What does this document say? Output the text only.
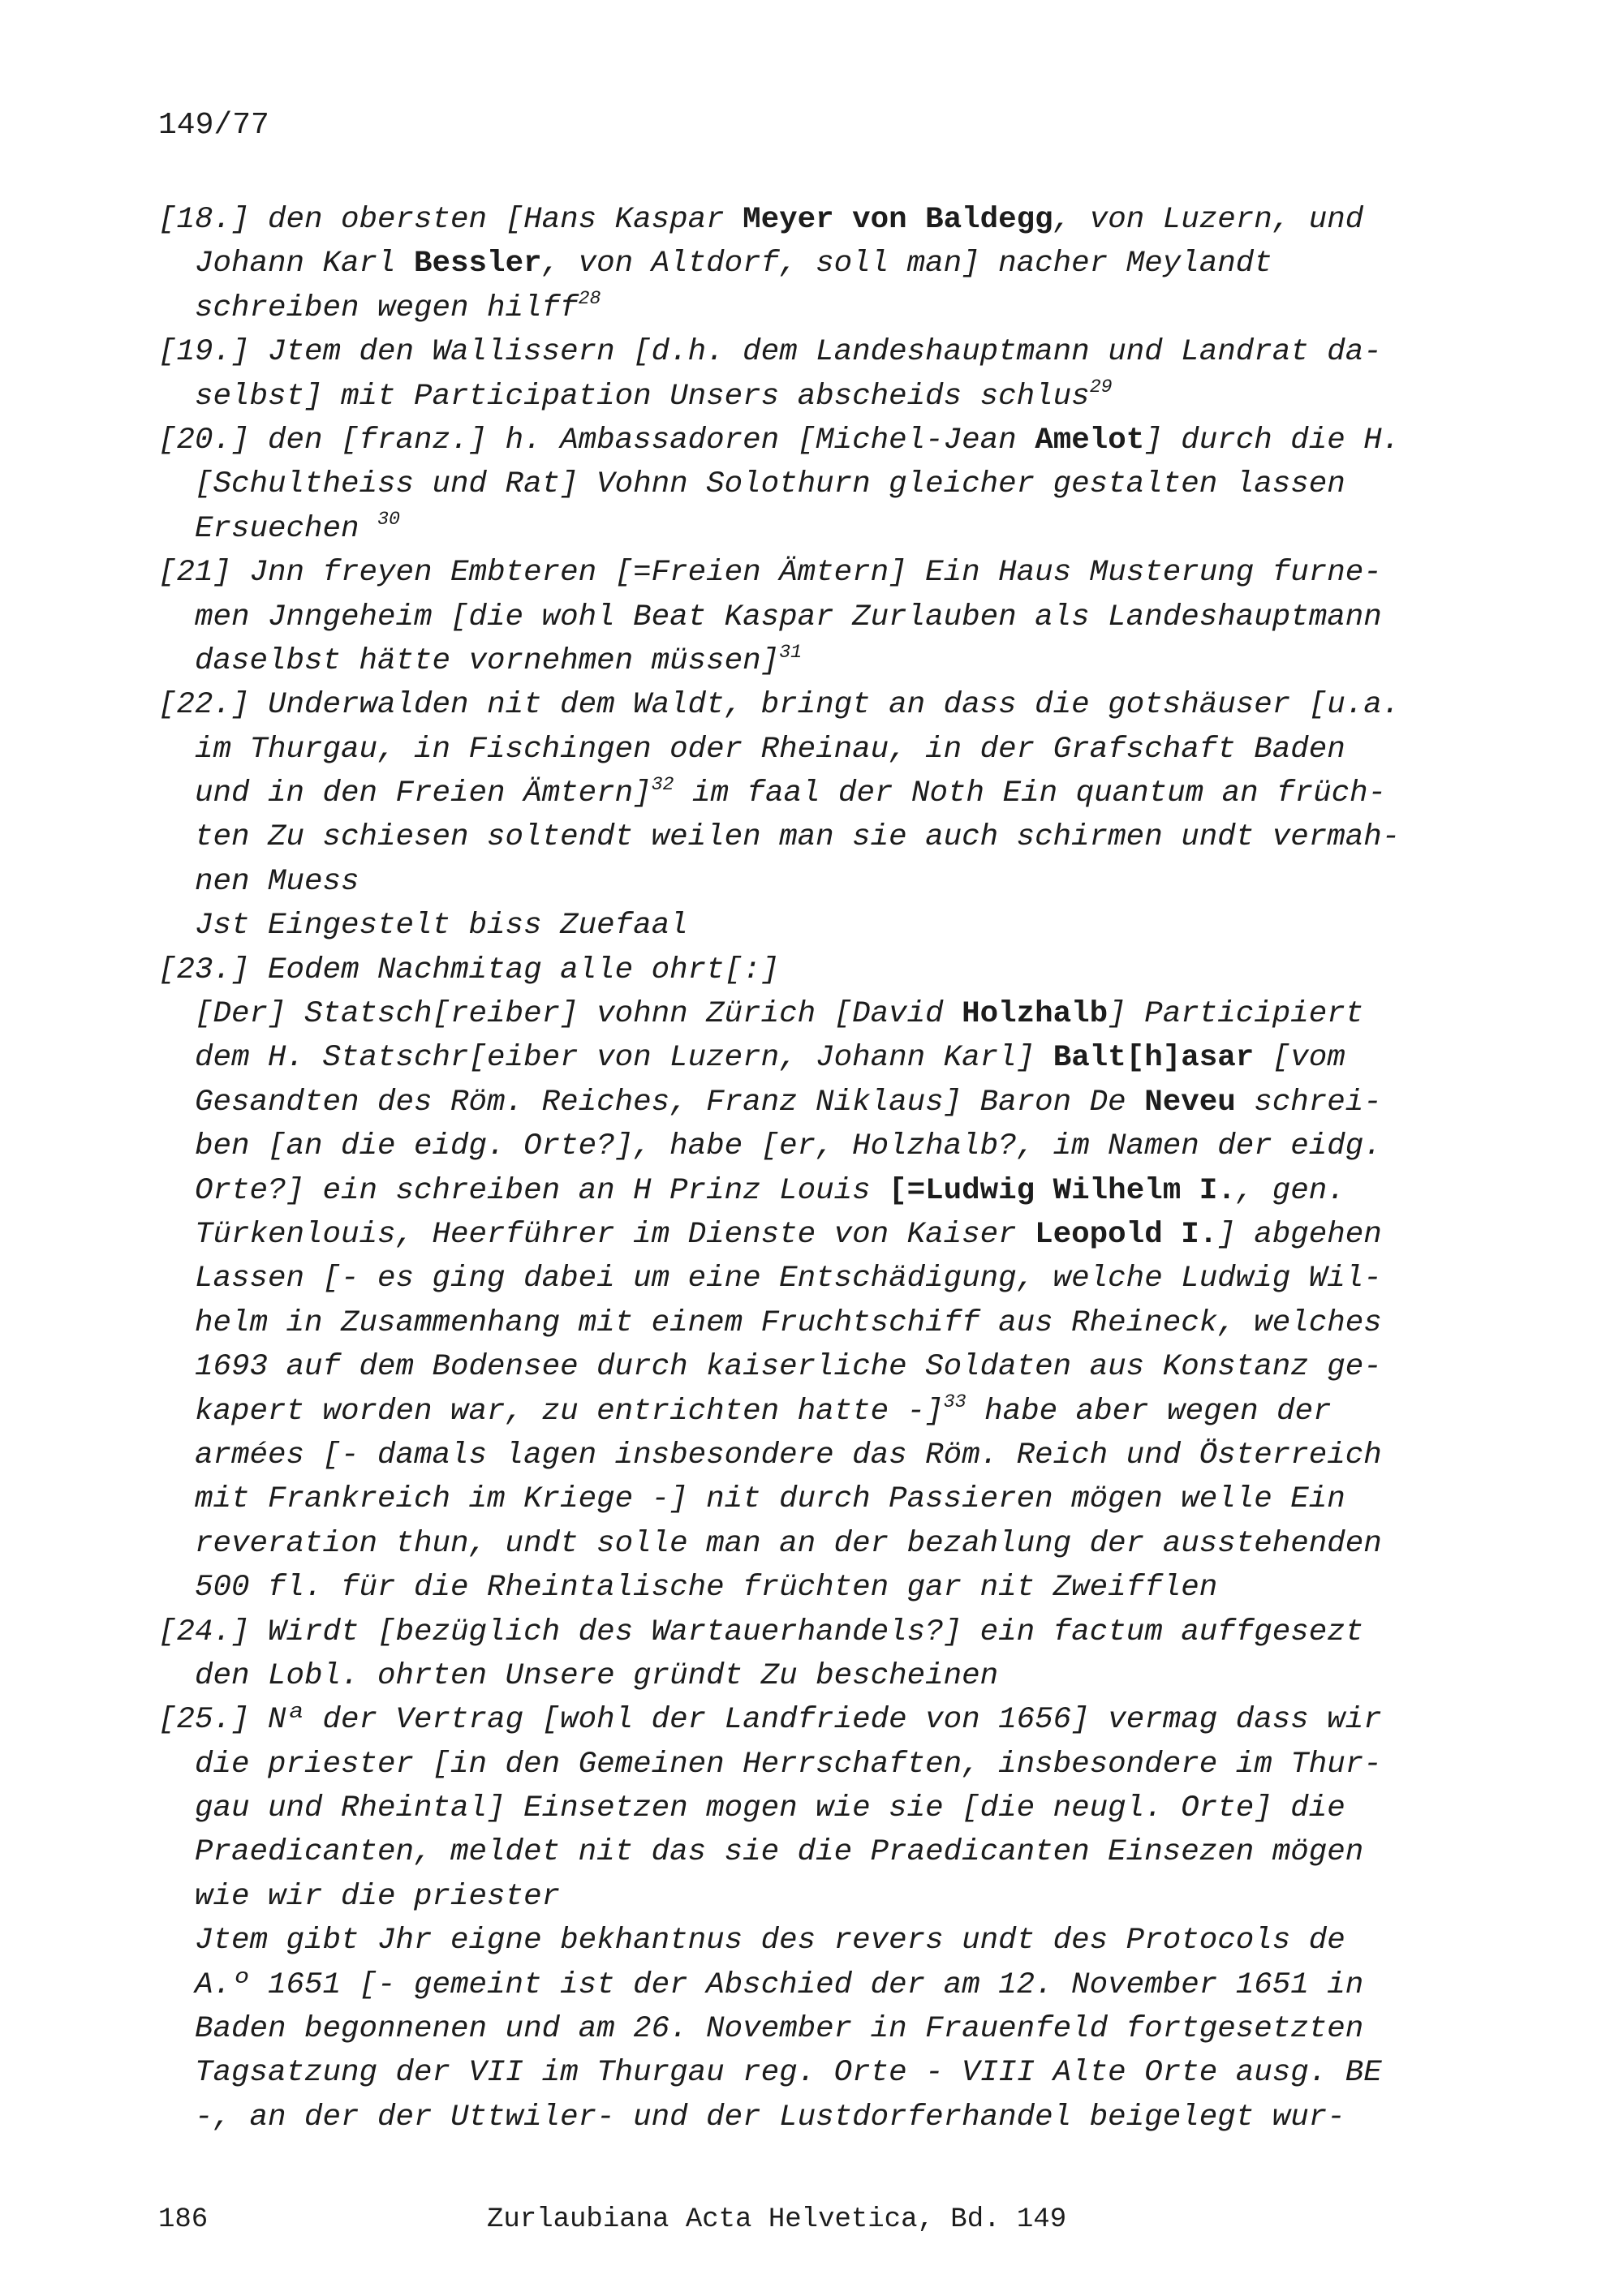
149/77
[18.] den obersten [Hans Kaspar Meyer von Baldegg, von Luzern, und
Johann Karl Bessler, von Altdorf, soll man] nacher Meylandt
schreiben wegen hilff$^{28}$
[19.] Jtem den Wallissern [d.h. dem Landeshauptmann und Landrat da-
selbst] mit Participation Unsers abscheids schlus$^{29}$
[20.] den [franz.] h. Ambassadoren [Michel-Jean Amelot] durch die H.
[Schultheiss und Rat] Vohnn Solothurn gleicher gestalten lassen
Ersuechen $^{30}$
[21] Jnn freyen Embteren [=Freien Ämtern] Ein Haus Musterung furne-
men Jnngeheim [die wohl Beat Kaspar Zurlauben als Landeshauptmann
daselbst hätte vornehmen müssen]$^{31}$
[22.] Underwalden nit dem Waldt, bringt an dass die gotshäuser [u.a.
im Thurgau, in Fischingen oder Rheinau, in der Grafschaft Baden
und in den Freien Ämtern]$^{32}$ im faal der Noth Ein quantum an früch-
ten Zu schiesen soltendt weilen man sie auch schirmen undt vermah-
nen Muess
Jst Eingestelt biss Zuefaal
[23.] Eodem Nachmitag alle ohrt[:]
[Der] Statsch[reiber] vohnn Zürich [David Holzhalb] Participiert
dem H. Statschr[eiber von Luzern, Johann Karl] Balt[h]asar [vom
Gesandten des Röm. Reiches, Franz Niklaus] Baron De Neveu schrei-
ben [an die eidg. Orte?], habe [er, Holzhalb?, im Namen der eidg.
Orte?] ein schreiben an H Prinz Louis [=Ludwig Wilhelm I., gen.
Türkenlouis, Heerführer im Dienste von Kaiser Leopold I.] abgehen
Lassen [- es ging dabei um eine Entschädigung, welche Ludwig Wil-
helm in Zusammenhang mit einem Fruchtschiff aus Rheineck, welches
1693 auf dem Bodensee durch kaiserliche Soldaten aus Konstanz ge-
kapert worden war, zu entrichten hatte -]$^{33}$ habe aber wegen der
armées [- damals lagen insbesondere das Röm. Reich und Österreich
mit Frankreich im Kriege -] nit durch Passieren mögen welle Ein
reveration thun, undt solle man an der bezahlung der ausstehenden
500 fl. für die Rheintalische früchten gar nit Zweifflen
[24.] Wirdt [bezüglich des Wartauerhandels?] ein factum auffgesezt
den Lobl. ohrten Unsere gründt Zu bescheinen
[25.] Nª der Vertrag [wohl der Landfriede von 1656] vermag dass wir
die priester [in den Gemeinen Herrschaften, insbesondere im Thur-
gau und Rheintal] Einsetzen mogen wie sie [die neugl. Orte] die
Praedicanten, meldet nit das sie die Praedicanten Einsezen mögen
wie wir die priester
Jtem gibt Jhr eigne bekhantnus des revers undt des Protocols de
A.º 1651 [- gemeint ist der Abschied der am 12. November 1651 in
Baden begonnenen und am 26. November in Frauenfeld fortgesetzten
Tagsatzung der VII im Thurgau reg. Orte - VIII Alte Orte ausg. BE
-, an der der Uttwiler- und der Lustdorferhandel beigelegt wur-
186	Zurlaubiana Acta Helvetica, Bd. 149
